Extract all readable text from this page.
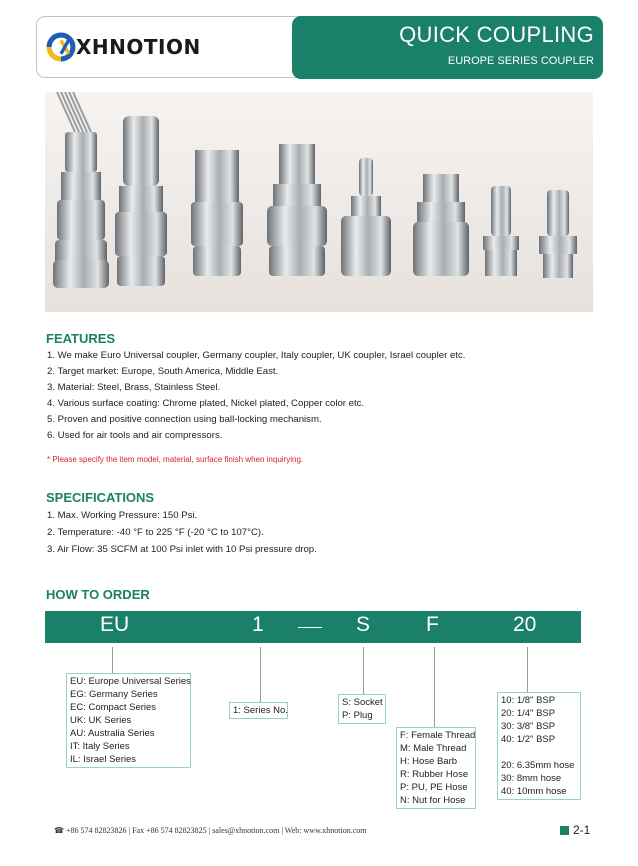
XHNOTION	QUICK COUPLING
EUROPE SERIES COUPLER
FEATURES
1. We make Euro Universal coupler, Germany coupler, Italy coupler, UK coupler, Israel coupler etc.
2. Target market: Europe, South America, Middle East.
3. Material: Steel, Brass, Stainless Steel.
4. Various surface coating: Chrome plated, Nickel plated, Copper color etc.
5. Proven and positive connection using ball-locking mechanism.
6. Used for air tools and air compressors.
* Please specify the item model, material, surface finish when inquirying.
SPECIFICATIONS
1. Max. Working Pressure: 150 Psi.
2. Temperature: -40 °F to 225 °F (-20 °C to 107°C).
3. Air Flow: 35 SCFM at 100 Psi inlet with 10 Psi pressure drop.
HOW TO ORDER
EU	1	S	F	20
EU: Europe Universal Series
EG: Germany Series
EC: Compact Series
UK: UK Series
AU: Australia Series
IT: Italy Series
IL: Israel Series
1: Series No.
S: Socket
P: Plug
F: Female Thread
M: Male Thread
H: Hose Barb
R: Rubber Hose
P: PU, PE Hose
N: Nut for Hose
10: 1/8" BSP
20: 1/4" BSP
30: 3/8" BSP
40: 1/2" BSP
20: 6.35mm hose
30: 8mm hose
40: 10mm hose
☎ +86 574 82823826 | Fax +86 574 82823825 | sales@xhnotion.com | Web: www.xhnotion.com	2-1
